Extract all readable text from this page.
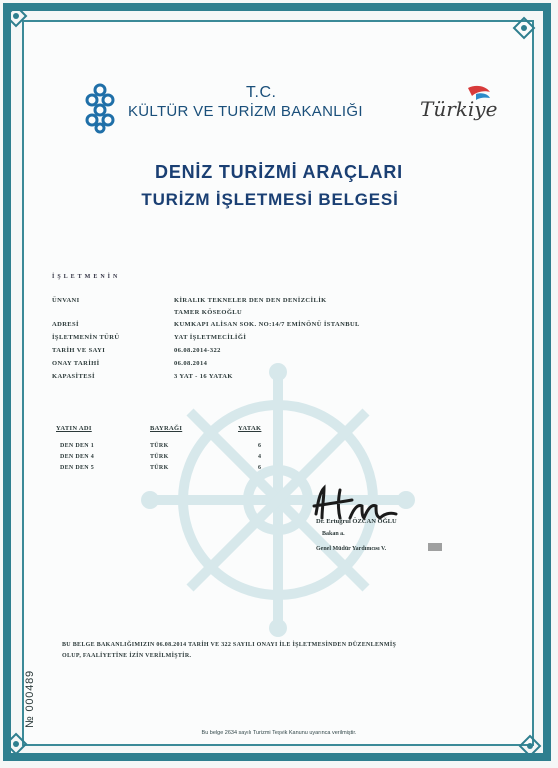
T.C.
KÜLTÜR VE TURİZM BAKANLIĞI	Türkiye
DENİZ TURİZMİ ARAÇLARI
TURİZM İŞLETMESİ BELGESİ
İŞLETMENİN
ÜNVANI	KİRALIK TEKNELER DEN DEN DENİZCİLİK
TAMER KÖSEOĞLU
ADRESİ	KUMKAPI ALİSAN SOK. NO:14/7 EMİNÖNÜ İSTANBUL
İŞLETMENİN TÜRÜ	YAT İŞLETMECİLİĞİ
TARİH VE SAYI	06.08.2014-322
ONAY TARİHİ	06.08.2014
KAPASİTESİ	3 YAT - 16 YATAK
YATIN ADI	BAYRAĞI	YATAK
DEN DEN 1	TÜRK	6
DEN DEN 4	TÜRK	4
DEN DEN 5	TÜRK	6
Dr. Ertuğrul ÖZCAN OĞLU
Bakan a.
Genel Müdür Yardımcısı V.
№ 000489
BU BELGE BAKANLIĞIMIZIN 06.08.2014 TARİH VE 322 SAYILI ONAYI İLE İŞLETMESİNDEN DÜZENLENMİŞ
OLUP, FAALİYETİNE İZİN VERİLMİŞTİR.
Bu belge 2634 sayılı Turizmi Teşvik Kanunu uyarınca verilmiştir.
